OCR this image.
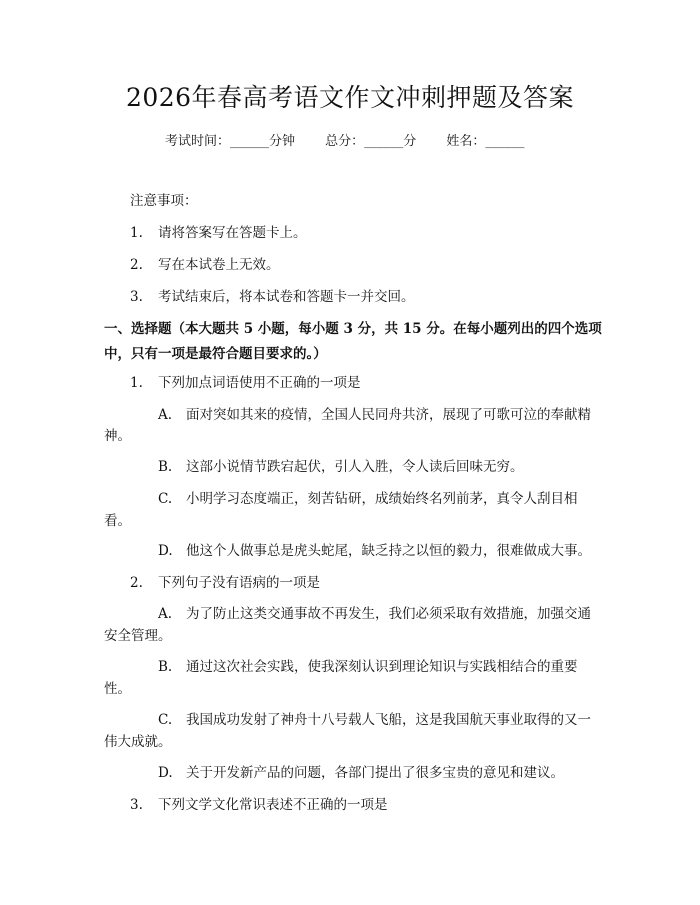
2026年春高考语文作文冲刺押题及答案
考试时间：______分钟 总分：______分 姓名：______
注意事项：
1. 请将答案写在答题卡上。
2. 写在本试卷上无效。
3. 考试结束后，将本试卷和答题卡一并交回。
一、选择题（本大题共 5 小题，每小题 3 分，共 15 分。在每小题列出的四个选项
中，只有一项是最符合题目要求的。）
1. 下列加点词语使用不正确的一项是
A. 面对突如其来的疫情，全国人民同舟共济，展现了可歌可泣的奉献精
神。
B. 这部小说情节跌宕起伏，引人入胜，令人读后回味无穷。
C. 小明学习态度端正，刻苦钻研，成绩始终名列前茅，真令人刮目相
看。
D. 他这个人做事总是虎头蛇尾，缺乏持之以恒的毅力，很难做成大事。
2. 下列句子没有语病的一项是
A. 为了防止这类交通事故不再发生，我们必须采取有效措施，加强交通
安全管理。
B. 通过这次社会实践，使我深刻认识到理论知识与实践相结合的重要
性。
C. 我国成功发射了神舟十八号载人飞船，这是我国航天事业取得的又一
伟大成就。
D. 关于开发新产品的问题，各部门提出了很多宝贵的意见和建议。
3. 下列文学文化常识表述不正确的一项是
